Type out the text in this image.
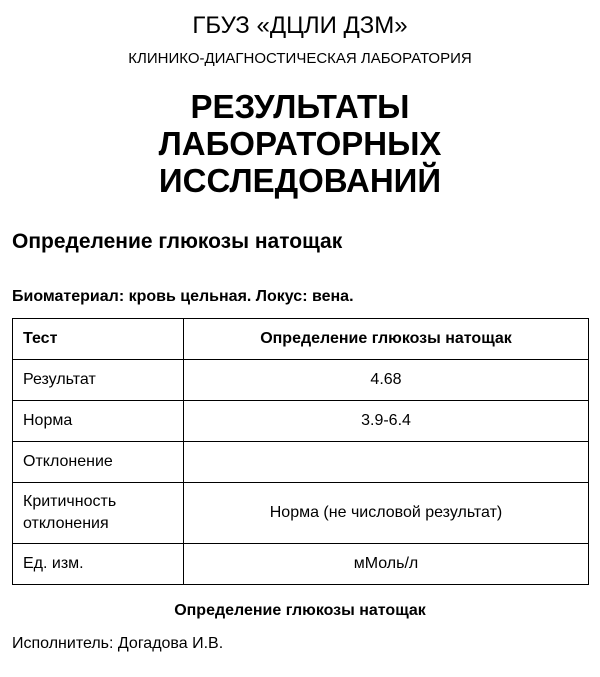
ГБУЗ «ДЦЛИ ДЗМ»
КЛИНИКО-ДИАГНОСТИЧЕСКАЯ ЛАБОРАТОРИЯ
РЕЗУЛЬТАТЫ
ЛАБОРАТОРНЫХ
ИССЛЕДОВАНИЙ
Определение глюкозы натощак
Биоматериал: кровь цельная. Локус: вена.
Тест	Определение глюкозы натощак
Результат	4.68
Норма	3.9-6.4
Отклонение	
Критичность отклонения	Норма (не числовой результат)
Ед. изм.	мМоль/л
Определение глюкозы натощак
Исполнитель: Догадова И.В.
